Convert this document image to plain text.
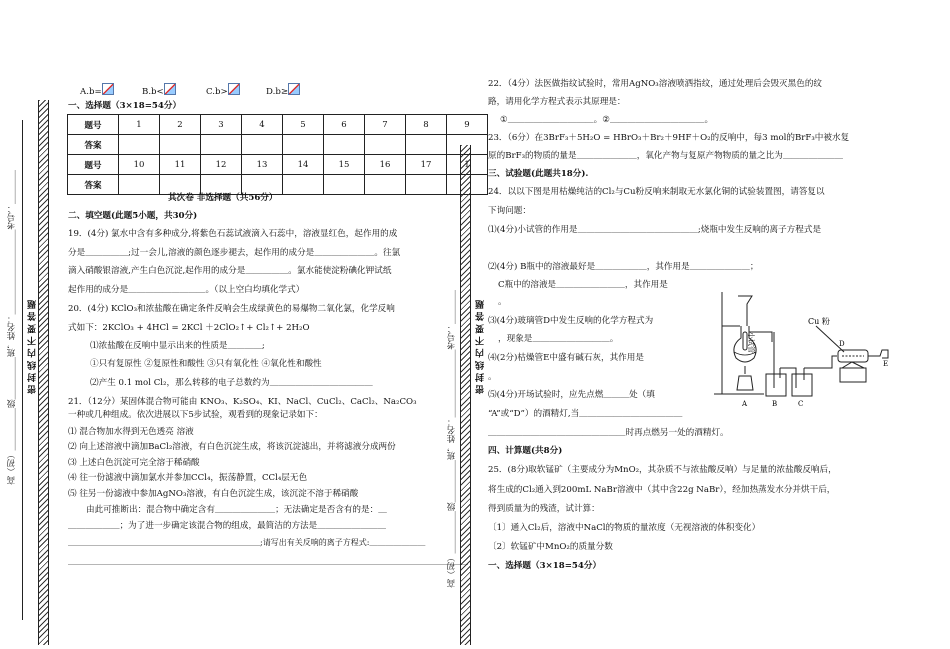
密 封 线 内 不 要 答 题
高（初）＿＿＿＿＿级＿＿＿＿＿班，姓名：＿＿＿＿＿＿＿＿＿＿考号：＿＿＿＿	密 封 线 内 不 要 答 题
高（初）＿＿＿＿＿级＿＿＿＿＿班，姓名：＿＿＿＿＿＿＿＿考号：＿＿＿＿
A.b=	B.b<	C.b>	D.b≥
一、选择题（3×18=54分）
题号	1	2	3	4	5	6	7	8	9
答案									
题号	10	11	12	13	14	15	16	17	1
答案									
其次卷 非选择题（共56分）
二、填空题(此题5小题，共30分)
19．(4分) 氯水中含有多种成分,将紫色石蕊试液滴入石蕊中，溶液显红色，起作用的成
分是＿＿＿＿＿;过一会儿,溶液的颜色逐步褪去，起作用的成分是＿＿＿＿＿＿＿。往氯
滴入硝酸银溶液,产生白色沉淀,起作用的成分是＿＿＿＿＿。氯水能使淀粉碘化钾试纸
起作用的成分是＿＿＿＿＿＿＿＿＿。（以上空白均填化学式）
20．(4分) KClO₃和浓盐酸在确定条件反响会生成绿黄色的易爆物二氧化氯，化学反响
式如下：2KClO₃ + 4HCl = 2KCl ＋2ClO₂↑+ Cl₂↑+ 2H₂O
⑴浓盐酸在反响中显示出来的性质是＿＿＿＿;
①只有复原性 ②复原性和酸性 ③只有氧化性 ④氧化性和酸性
⑵产生 0.1 mol Cl₂，那么转移的电子总数约为＿＿＿＿＿＿＿＿＿＿＿＿
21．（12分）某固体混合物可能由 KNO₃、K₂SO₄、KI、NaCl、CuCl₂、CaCl₂、Na₂CO₃
一种或几种组成。依次进展以下5步试验，观看到的现象记录如下：
⑴ 混合物加水得到无色透亮 溶液
⑵ 向上述溶液中滴加BaCl₂溶液，有白色沉淀生成，将该沉淀滤出，并将滤液分成两份
⑶ 上述白色沉淀可完全溶于稀硝酸
⑷ 往一份滤液中滴加氯水并参加CCl₄，振荡静置，CCl₄层无色
⑸ 往另一份滤液中参加AgNO₃溶液，有白色沉淀生成，该沉淀不溶于稀硝酸
由此可推断出：混合物中确定含有＿＿＿＿＿＿＿；无法确定是否含有的是：＿
＿＿＿＿＿＿；为了进一步确定该混合物的组成，最简洁的方法是＿＿＿＿＿＿＿＿
＿＿＿＿＿＿＿＿＿＿＿＿＿＿＿＿＿＿＿＿＿＿＿＿;请写出有关反响的离子方程式:＿＿＿＿＿＿＿
＿＿＿＿＿＿＿＿＿＿＿＿＿＿＿＿＿＿＿＿＿＿＿＿＿＿＿＿＿＿＿＿＿＿＿＿＿＿＿＿＿＿＿＿＿＿＿＿＿＿
22．（4分）法医做指纹试验时，常用AgNO₃溶液喷洒指纹，通过处理后会毁灭黑色的纹
路，请用化学方程式表示其原理是：
①＿＿＿＿＿＿＿＿＿＿。②＿＿＿＿＿＿＿＿＿＿＿。
23．（6分）在3BrF₃＋5H₂O = HBrO₃＋Br₂＋9HF＋O₂的反响中，每3 mol的BrF₃中被水复
原的BrF₃的物质的量是＿＿＿＿＿＿＿，氧化产物与复原产物物质的量之比为＿＿＿＿＿＿＿
三、试验题(此题共18分).
24．以以下图是用枯燥纯洁的Cl₂与Cu粉反响来制取无水氯化铜的试验装置图，请答复以
下询问题：
⑴(4分)小试管的作用是＿＿＿＿＿＿＿＿＿＿＿＿＿＿;烧瓶中发生反响的离子方程式是
⑵(4分) B瓶中的溶液最好是＿＿＿＿＿＿，其作用是＿＿＿＿＿＿＿；
C瓶中的溶液是＿＿＿＿＿＿＿＿，其作用是
。
⑶(4分)玻璃管D中发生反响的化学方程式为
，现象是＿＿＿＿＿＿＿＿＿。
⑷(2分)枯燥管E中盛有碱石灰，其作用是
。
⑸(4分)开场试验时，应先点燃＿＿＿处（填
“A”或“D”）的酒精灯,当＿＿＿＿＿＿＿＿＿＿＿＿
＿＿＿＿＿＿＿＿＿＿＿＿＿＿＿＿时再点燃另一处的酒精灯。
小试管
Cu 粉
A	B	C
D
E
四、计算题(共8分)
25．(8分)取软锰矿（主要成分为MnO₂，其杂质不与浓盐酸反响）与足量的浓盐酸反响后，
将生成的Cl₂通入到200mL NaBr溶液中（其中含22g NaBr），经加热蒸发水分并烘干后，
得到质量为的残渣，试计算：
〔1〕通入Cl₂后，溶液中NaCl的物质的量浓度（无视溶液的体积变化）
〔2〕软锰矿中MnO₂的质量分数
一、选择题（3×18=54分）
